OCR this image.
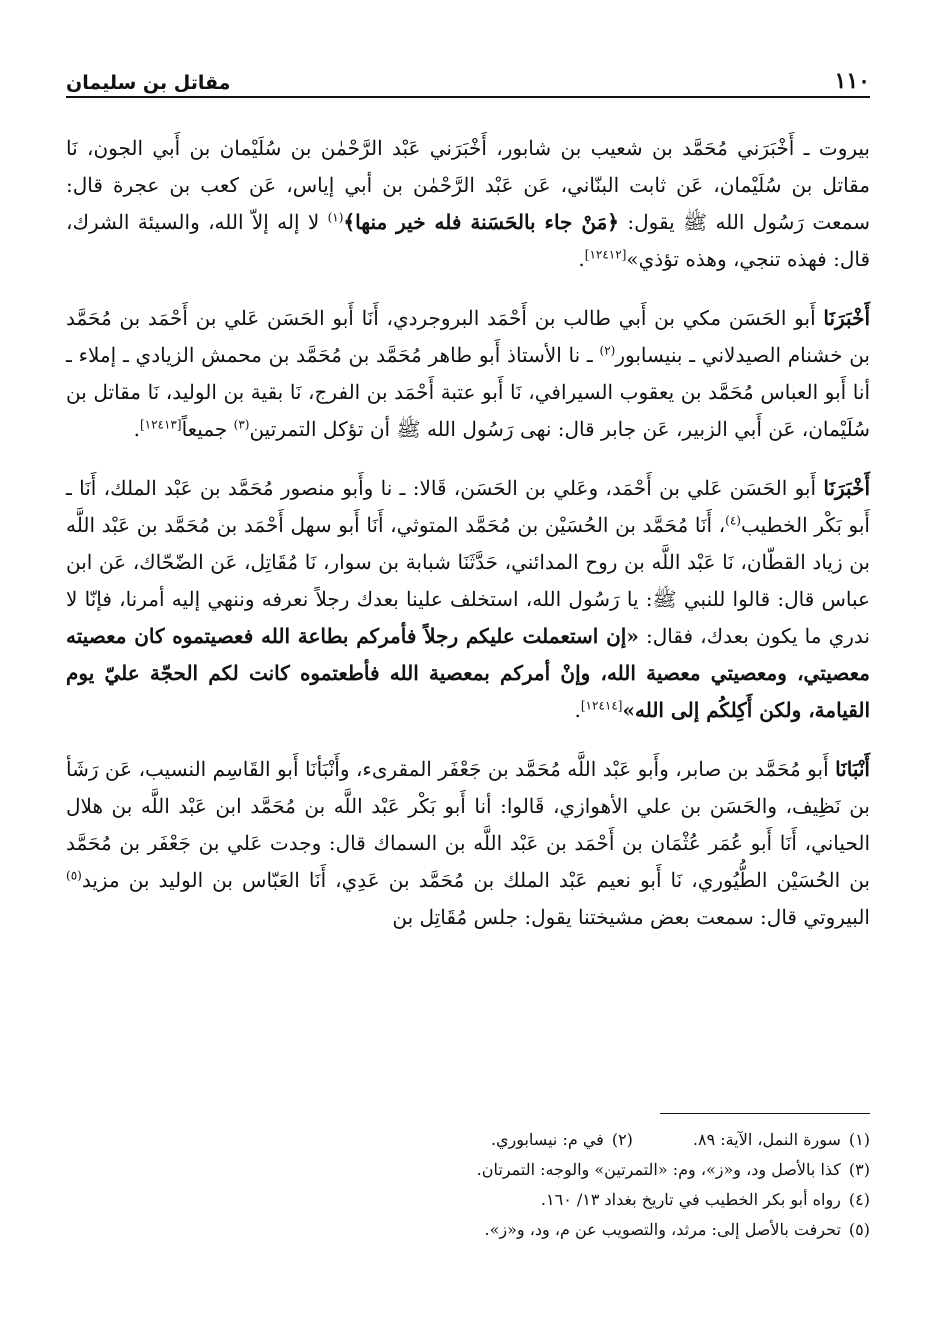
١١٠
مقاتل بن سليمان

بيروت ـ أَخْبَرَني مُحَمَّد بن شعيب بن شابور، أَخْبَرَني عَبْد الرَّحْمٰن بن سُلَيْمان بن أَبي الجون، نَا مقاتل بن سُلَيْمان، عَن ثابت البنّاني، عَن عَبْد الرَّحْمٰن بن أبي إياس، عَن كعب بن عجرة قال: سمعت رَسُول الله ﷺ يقول: ﴿مَنْ جاء بالحَسَنة فله خير منها﴾$^{(١)}$ لا إله إلاّ الله، والسيئة الشرك، قال: فهذه تنجي، وهذه تؤذي»[١٢٤١٢].

أَخْبَرَنَا أَبو الحَسَن مكي بن أَبي طالب بن أَحْمَد البروجردي، أَنَا أَبو الحَسَن عَلي بن أَحْمَد بن مُحَمَّد بن خشنام الصيدلاني ـ بنيسابور$^{(٢)}$ ـ نا الأستاذ أَبو طاهر مُحَمَّد بن مُحَمَّد بن محمش الزيادي ـ إملاء ـ أنا أَبو العباس مُحَمَّد بن يعقوب السيرافي، نَا أَبو عتبة أَحْمَد بن الفرج، نَا بقية بن الوليد، نَا مقاتل بن سُلَيْمان، عَن أَبي الزبير، عَن جابر قال: نهى رَسُول الله ﷺ أن تؤكل التمرتين$^{(٣)}$ جميعاً[١٢٤١٣].

أَخْبَرَنَا أَبو الحَسَن عَلي بن أَحْمَد، وعَلي بن الحَسَن، قَالا: ـ نا وأَبو منصور مُحَمَّد بن عَبْد الملك، أَنَا ـ أَبو بَكْر الخطيب$^{(٤)}$، أَنَا مُحَمَّد بن الحُسَيْن بن مُحَمَّد المتوثي، أَنَا أَبو سهل أَحْمَد بن مُحَمَّد بن عَبْد اللَّه بن زياد القطّان، نَا عَبْد اللَّه بن روح المدائني، حَدَّثَنَا شبابة بن سوار، نَا مُقَاتِل، عَن الضّحّاك، عَن ابن عباس قال: قالوا للنبي ﷺ: يا رَسُول الله، استخلف علينا بعدك رجلاً نعرفه وننهي إليه أمرنا، فإنّا لا ندري ما يكون بعدك، فقال: «إن استعملت عليكم رجلاً فأمركم بطاعة الله فعصيتموه كان معصيته معصيتي، ومعصيتي معصية الله، وإنْ أمركم بمعصية الله فأطعتموه كانت لكم الحجّة عليّ يوم القيامة، ولكن أَكِلكُم إلى الله»[١٢٤١٤].

أَنْبَانَا أَبو مُحَمَّد بن صابر، وأَبو عَبْد اللَّه مُحَمَّد بن جَعْفَر المقرىء، وأَنْبَأنَا أَبو القَاسِم النسيب، عَن رَشَأ بن نَظِيف، والحَسَن بن علي الأهوازي، قَالوا: أنا أَبو بَكْر عَبْد اللَّه بن مُحَمَّد ابن عَبْد اللَّه بن هلال الحياني، أَنَا أَبو عُمَر عُثْمَان بن أَحْمَد بن عَبْد اللَّه بن السماك قال: وجدت عَلي بن جَعْفَر بن مُحَمَّد بن الحُسَيْن الطُّيُوري، نَا أَبو نعيم عَبْد الملك بن مُحَمَّد بن عَدِي، أَنَا العَبّاس بن الوليد بن مزيد$^{(٥)}$ البيروتي قال: سمعت بعض مشيختنا يقول: جلس مُقَاتِل بن

(١)سورة النمل، الآية: ٨٩.
(٢)في م: نيسابوري.
(٣)كذا بالأصل ود، و«ز»، وم: «التمرتين» والوجه: التمرتان.
(٤)رواه أبو بكر الخطيب في تاريخ بغداد ١٣/ ١٦٠.
(٥)تحرفت بالأصل إلى: مرثد، والتصويب عن م، ود، و«ز».
